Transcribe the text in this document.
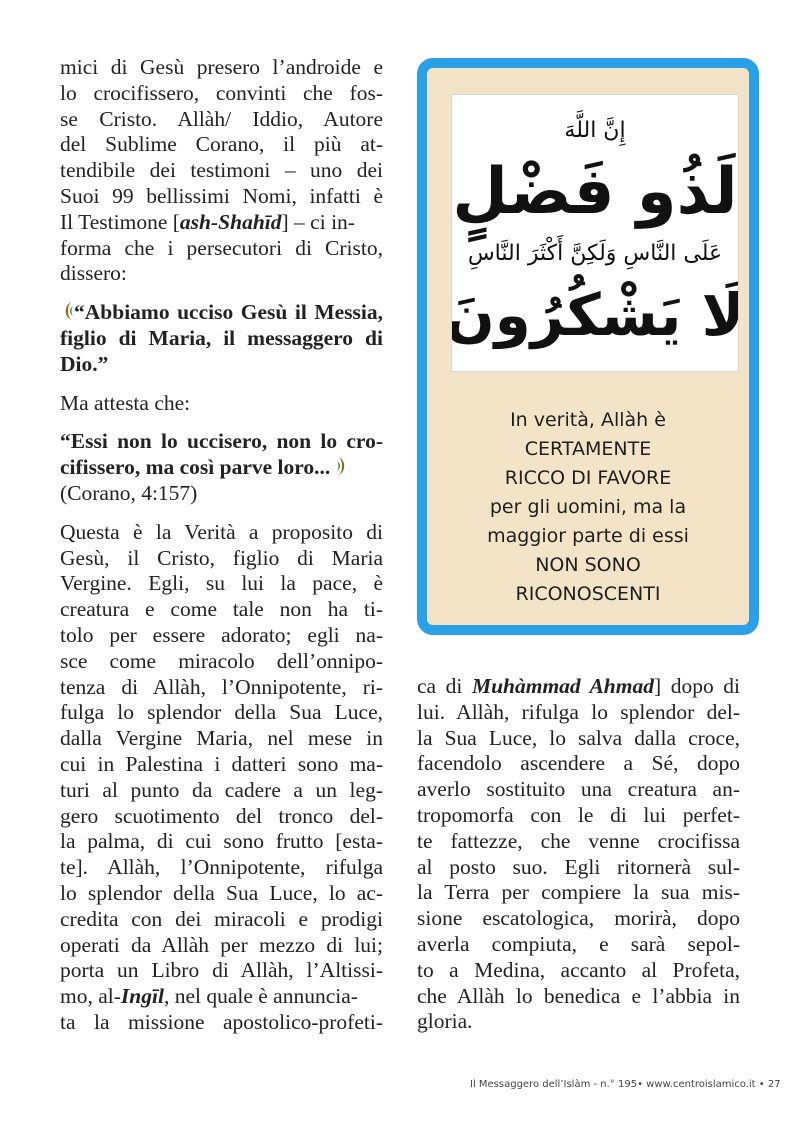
mici di Gesù presero l’androide e
lo crocifissero, convinti che fos-
se Cristo. Allàh/ Iddio, Autore
del Sublime Corano, il più at-
tendibile dei testimoni – uno dei
Suoi 99 bellissimi Nomi, infatti è
Il Testimone [ash-Shahīd] – ci in-
forma che i persecutori di Cristo,
dissero:

“Abbiamo ucciso Gesù il Messia,
figlio di Maria, il messaggero di
Dio.”

Ma attesta che:

“Essi non lo uccisero, non lo cro-
cifissero, ma così parve loro...
(Corano, 4:157)

Questa è la Verità a proposito di
Gesù, il Cristo, figlio di Maria
Vergine. Egli, su lui la pace, è
creatura e come tale non ha ti-
tolo per essere adorato; egli na-
sce come miracolo dell’onnipo-
tenza di Allàh, l’Onnipotente, ri-
fulga lo splendor della Sua Luce,
dalla Vergine Maria, nel mese in
cui in Palestina i datteri sono ma-
turi al punto da cadere a un leg-
gero scuotimento del tronco del-
la palma, di cui sono frutto [esta-
te]. Allàh, l’Onnipotente, rifulga
lo splendor della Sua Luce, lo ac-
credita con dei miracoli e prodigi
operati da Allàh per mezzo di lui;
porta un Libro di Allàh, l’Altissi-
mo, al-Ingīl, nel quale è annuncia-
ta la missione apostolico-profeti-

إِنَّ اللَّهَ
لَذُو فَضْلٍ
عَلَى النَّاسِ وَلَكِنَّ أَكْثَرَ النَّاسِ
لَا يَشْكُرُونَ
In verità, Allàh è
CERTAMENTE
RICCO DI FAVORE
per gli uomini, ma la
maggior parte di essi
NON SONO
RICONOSCENTI

ca di Muhàmmad Ahmad] dopo di
lui. Allàh, rifulga lo splendor del-
la Sua Luce, lo salva dalla croce,
facendolo ascendere a Sé, dopo
averlo sostituito una creatura an-
tropomorfa con le di lui perfet-
te fattezze, che venne crocifissa
al posto suo. Egli ritornerà sul-
la Terra per compiere la sua mis-
sione escatologica, morirà, dopo
averla compiuta, e sarà sepol-
to a Medina, accanto al Profeta,
che Allàh lo benedica e l’abbia in
gloria.

Il Messaggero dell’Islàm - n.° 195• www.centroislamico.it • 27
